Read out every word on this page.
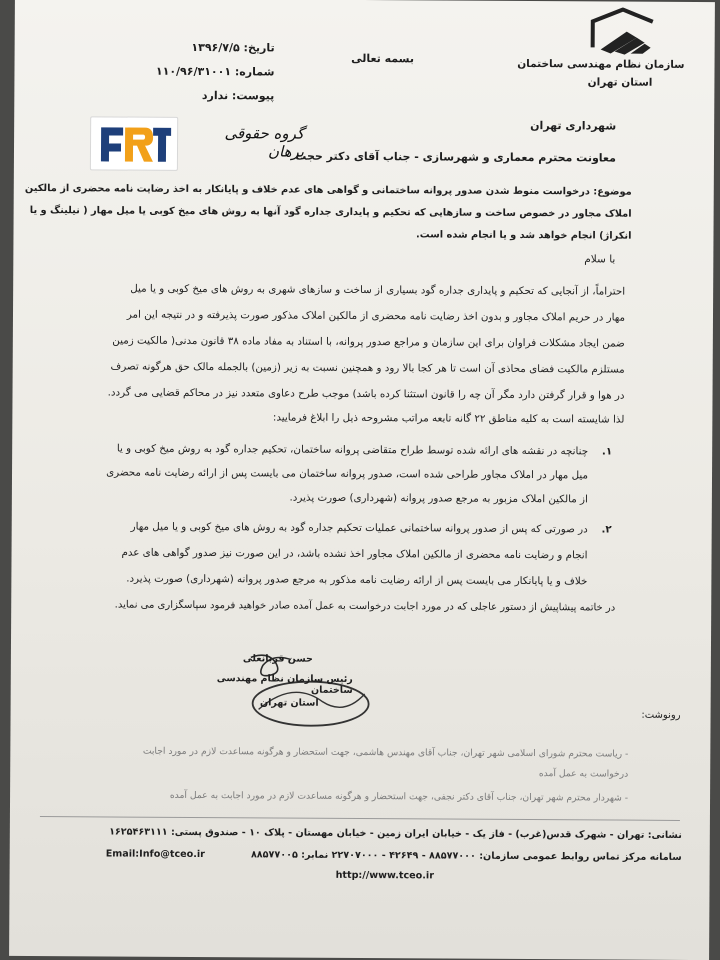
سازمان نظام مهندسی ساختمان
استان تهران
بسمه تعالی
تاریخ: ۱۳۹۶/۷/۵
شماره: ۱۱۰/۹۶/۳۱۰۰۱
پیوست: ندارد
گروه حقوقی برهان
شهرداری تهران
معاونت محترم معماری و شهرسازی - جناب آقای دکتر حجت
موضوع: درخواست منوط شدن صدور پروانه ساختمانی و گواهی های عدم خلاف و پایانکار به اخذ رضایت نامه محضری از مالکین
املاک مجاور در خصوص ساخت و سازهایی که تحکیم و پایداری جداره گود آنها به روش های میخ کوبی یا میل مهار ( نیلینگ و یا
انکراژ) انجام خواهد شد و یا انجام شده است.
با سلام
احتراماً، از آنجایی که تحکیم و پایداری جداره گود بسیاری از ساخت و سازهای شهری به روش های میخ کوبی و یا میل
مهار در حریم املاک مجاور و بدون اخذ رضایت نامه محضری از مالکین املاک مذکور صورت پذیرفته و در نتیجه این امر
ضمن ایجاد مشکلات فراوان برای این سازمان و مراجع صدور پروانه، با استناد به مفاد ماده ۳۸ قانون مدنی( مالکیت زمین
مستلزم مالکیت فضای محاذی آن است تا هر کجا بالا رود و همچنین نسبت به زیر (زمین) بالجمله مالک حق هرگونه تصرف
در هوا و قرار گرفتن دارد مگر آن چه را قانون استثنا کرده باشد) موجب طرح دعاوی متعدد نیز در محاکم قضایی می گردد.
لذا شایسته است به کلیه مناطق ۲۲ گانه تابعه مراتب مشروحه ذیل را ابلاغ فرمایید:
۱.
چنانچه در نقشه های ارائه شده توسط طراح متقاضی پروانه ساختمان، تحکیم جداره گود به روش میخ کوبی و یا
میل مهار در املاک مجاور طراحی شده است، صدور پروانه ساختمان می بایست پس از ارائه رضایت نامه محضری
از مالکین املاک مزبور به مرجع صدور پروانه (شهرداری) صورت پذیرد.
۲.
در صورتی که پس از صدور پروانه ساختمانی عملیات تحکیم جداره گود به روش های میخ کوبی و یا میل مهار
انجام و رضایت نامه محضری از مالکین املاک مجاور اخذ نشده باشد، در این صورت نیز صدور گواهی های عدم
خلاف و یا پایانکار می بایست پس از ارائه رضایت نامه مذکور به مرجع صدور پروانه (شهرداری) صورت پذیرد.
در خاتمه پیشاپیش از دستور عاجلی که در مورد اجابت درخواست به عمل آمده صادر خواهید فرمود سپاسگزاری می نماید.
حسن قربانعلی
رئیس سازمان نظام مهندسی ساختمان
استان تهران
رونوشت:
- ریاست محترم شورای اسلامی شهر تهران، جناب آقای مهندس هاشمی، جهت استحضار و هرگونه مساعدت لازم در مورد اجابت
درخواست به عمل آمده
- شهردار محترم شهر تهران، جناب آقای دکتر نجفی، جهت استحضار و هرگونه مساعدت لازم در مورد اجابت به عمل آمده
نشانی: تهران - شهرک قدس(غرب) - فاز یک - خیابان ایران زمین - خیابان مهستان - پلاک ۱۰ - صندوق پستی: ۱۶۲۵۴۶۳۱۱۱
سامانه مرکز تماس روابط عمومی سازمان: ۸۸۵۷۷۰۰۰ - ۴۲۶۴۹ - ۲۲۷۰۷۰۰۰ نمابر: ۸۸۵۷۷۰۰۵
Email:Info@tceo.ir
http://www.tceo.ir
